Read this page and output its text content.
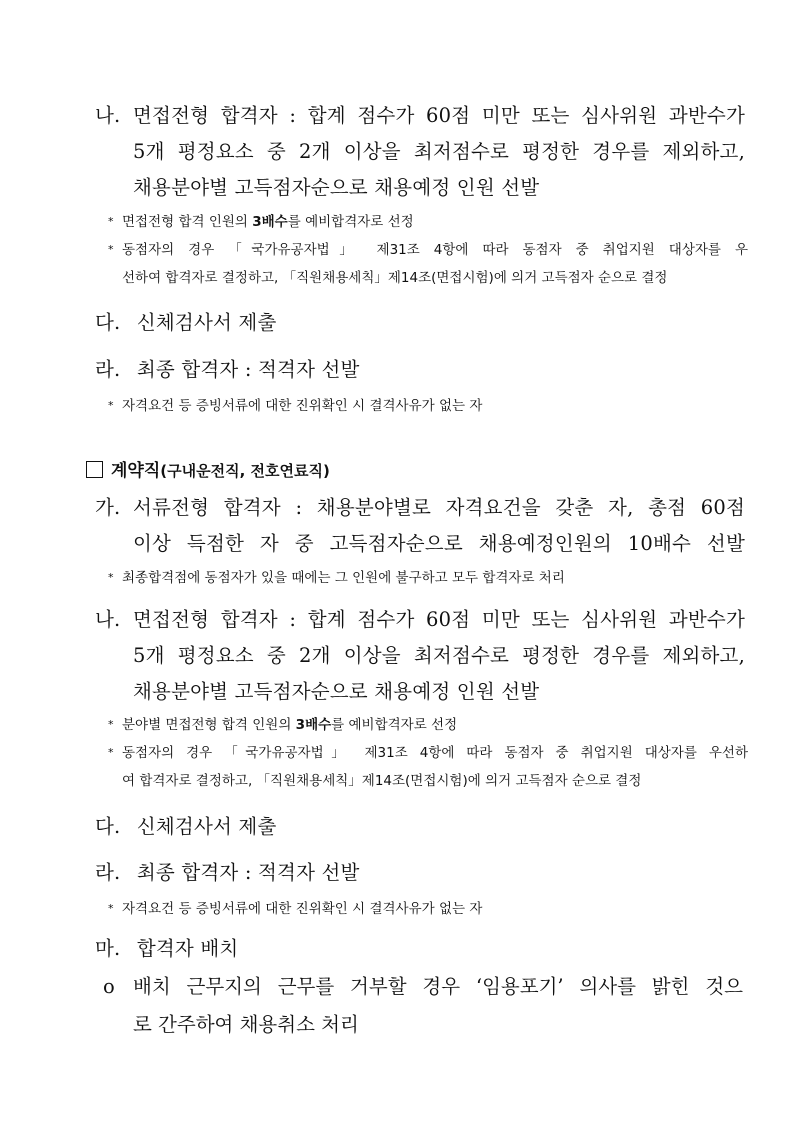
나. 면접전형 합격자 : 합계 점수가 60점 미만 또는 심사위원 과반수가
5개 평정요소 중 2개 이상을 최저점수로 평정한 경우를 제외하고,
채용분야별 고득점자순으로 채용예정 인원 선발
* 면접전형 합격 인원의 3배수를 예비합격자로 선정
* 동점자의 경우 「국가유공자법」 제31조 4항에 따라 동점자 중 취업지원 대상자를 우
선하여 합격자로 결정하고, 「직원채용세칙」제14조(면접시험)에 의거 고득점자 순으로 결정
다. 신체검사서 제출
라. 최종 합격자 : 적격자 선발
* 자격요건 등 증빙서류에 대한 진위확인 시 결격사유가 없는 자
계약직(구내운전직, 전호연료직)
가. 서류전형 합격자 : 채용분야별로 자격요건을 갖춘 자, 총점 60점
이상 득점한 자 중 고득점자순으로 채용예정인원의 10배수 선발
* 최종합격점에 동점자가 있을 때에는 그 인원에 불구하고 모두 합격자로 처리
나. 면접전형 합격자 : 합계 점수가 60점 미만 또는 심사위원 과반수가
5개 평정요소 중 2개 이상을 최저점수로 평정한 경우를 제외하고,
채용분야별 고득점자순으로 채용예정 인원 선발
* 분야별 면접전형 합격 인원의 3배수를 예비합격자로 선정
* 동점자의 경우 「국가유공자법」 제31조 4항에 따라 동점자 중 취업지원 대상자를 우선하
여 합격자로 결정하고, 「직원채용세칙」제14조(면접시험)에 의거 고득점자 순으로 결정
다. 신체검사서 제출
라. 최종 합격자 : 적격자 선발
* 자격요건 등 증빙서류에 대한 진위확인 시 결격사유가 없는 자
마. 합격자 배치
o 배치 근무지의 근무를 거부할 경우 ‘임용포기’ 의사를 밝힌 것으
로 간주하여 채용취소 처리
